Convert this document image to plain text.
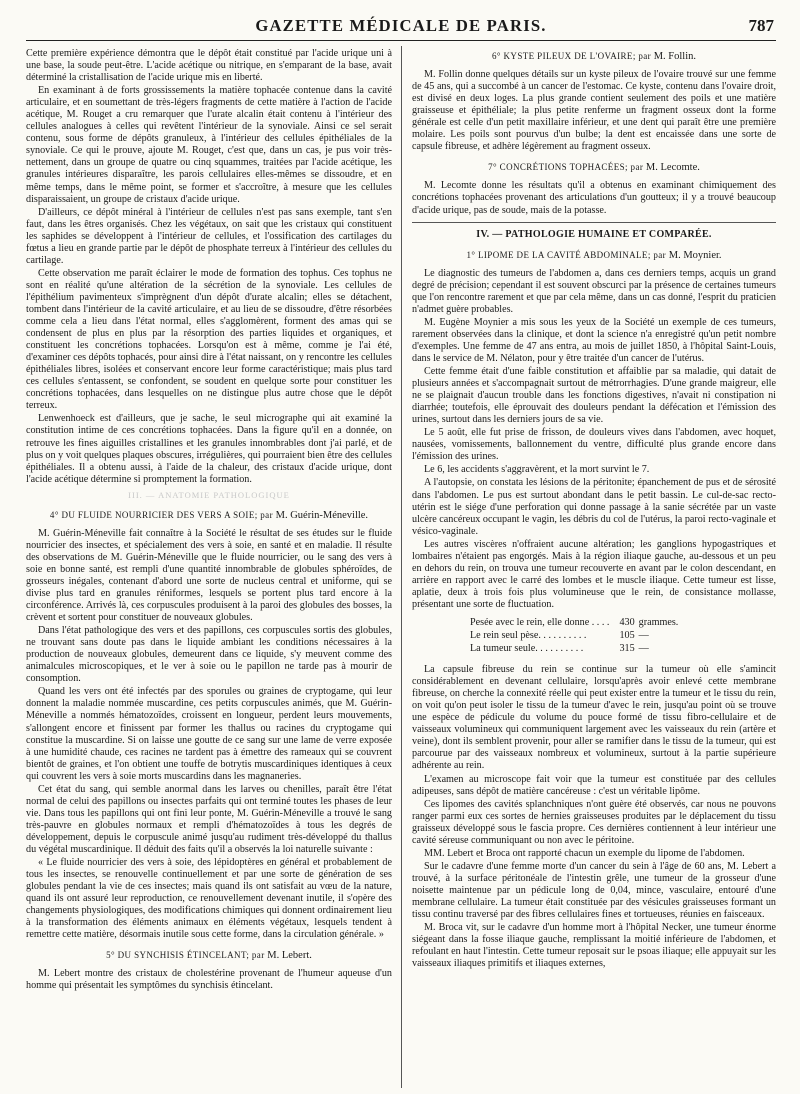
GAZETTE MÉDICALE DE PARIS.	787

Cette première expérience démontra que le dépôt était constitué par l'acide urique uni à une base, la soude peut-être. L'acide acétique ou nitrique, en s'emparant de la base, avait déterminé la cristallisation de l'acide urique mis en liberté.

En examinant à de forts grossissements la matière tophacée contenue dans la cavité articulaire, et en soumettant de très-légers fragments de cette matière à l'action de l'acide acétique, M. Rouget a cru remarquer que l'urate alcalin était contenu à l'intérieur des cellules analogues à celles qui revêtent l'intérieur de la synoviale. Ainsi ce sel serait contenu, sous forme de dépôts granuleux, à l'intérieur des cellules épithéliales de la synoviale. Ce qui le prouve, ajoute M. Rouget, c'est que, dans un cas, je pus voir très-nettement, dans un groupe de quatre ou cinq squammes, traitées par l'acide acétique, les granules intérieures disparaître, les parois cellulaires elles-mêmes se dissoudre, et en même temps, dans le même point, se former et s'accroître, à mesure que les cellules disparaissaient, un groupe de cristaux d'acide urique.

D'ailleurs, ce dépôt minéral à l'intérieur de cellules n'est pas sans exemple, tant s'en faut, dans les êtres organisés. Chez les végétaux, on sait que les cristaux qui constituent les saphides se développent à l'intérieur de cellules, et l'ossification des cartilages du fœtus a lieu en grande partie par le dépôt de phosphate terreux à l'intérieur des cellules du cartilage.

Cette observation me paraît éclairer le mode de formation des tophus. Ces tophus ne sont en réalité qu'une altération de la sécrétion de la synoviale. Les cellules de l'épithélium pavimenteux s'imprègnent d'un dépôt d'urate alcalin; elles se détachent, tombent dans l'intérieur de la cavité articulaire, et au lieu de se dissoudre, d'être résorbées comme cela a lieu dans l'état normal, elles s'agglomèrent, forment des amas qui se condensent de plus en plus par la résorption des parties liquides et organiques, et constituent les concrétions tophacées. Lorsqu'on est à même, comme je l'ai été, d'examiner ces dépôts tophacés, pour ainsi dire à l'état naissant, on y rencontre les cellules épithéliales libres, isolées et conservant encore leur forme caractéristique; mais plus tard ces cellules s'entassent, se confondent, se soudent en quelque sorte pour constituer les concrétions tophacées, dans lesquelles on ne distingue plus autre chose que le dépôt terreux.

Lenwenhoeck est d'ailleurs, que je sache, le seul micrographe qui ait examiné la constitution intime de ces concrétions tophacées. Dans la figure qu'il en a donnée, on retrouve les fines aiguilles cristallines et les granules innombrables dont j'ai parlé, et de plus on y voit quelques plaques obscures, irrégulières, qui pourraient bien être des cellules épithéliales. Il a obtenu aussi, à l'aide de la chaleur, des cristaux d'acide urique, dont l'acide acétique détermine si promptement la formation.

III. — ANATOMIE PATHOLOGIQUE
4° DU FLUIDE NOURRICIER DES VERS A SOIE; par M. Guérin-Méneville.

M. Guérin-Méneville fait connaître à la Société le résultat de ses études sur le fluide nourricier des insectes, et spécialement des vers à soie, en santé et en maladie. Il résulte des observations de M. Guérin-Méneville que le fluide nourricier, ou le sang des vers à soie en bonne santé, est rempli d'une quantité innombrable de globules sphéroïdes, de grosseurs inégales, contenant d'abord une sorte de nucleus central et uniforme, qui se divise plus tard en granules réniformes, lesquels se portent plus tard encore à la circonférence. Arrivés là, ces corpuscules produisent à la paroi des globules des bosses, la crèvent et sortent pour constituer de nouveaux globules.

Dans l'état pathologique des vers et des papillons, ces corpuscules sortis des globules, ne trouvant sans doute pas dans le liquide ambiant les conditions nécessaires à la production de nouveaux globules, demeurent dans ce liquide, s'y meuvent comme des animalcules microscopiques, et le ver à soie ou le papillon ne tarde pas à mourir de consomption.

Quand les vers ont été infectés par des sporules ou graines de cryptogame, qui leur donnent la maladie nommée muscardine, ces petits corpuscules animés, que M. Guérin-Méneville a nommés hématozoïdes, croissent en longueur, perdent leurs mouvements, s'allongent encore et finissent par former les thallus ou racines du cryptogame qui constitue la muscardine. Si on laisse une goutte de ce sang sur une lame de verre exposée à une humidité chaude, ces racines ne tardent pas à émettre des rameaux qui se couvrent bientôt de graines, et l'on obtient une touffe de botrytis muscardiniques identiques à ceux qui couvrent les vers à soie morts muscardins dans les magnaneries.

Cet état du sang, qui semble anormal dans les larves ou chenilles, paraît être l'état normal de celui des papillons ou insectes parfaits qui ont terminé toutes les phases de leur vie. Dans tous les papillons qui ont fini leur ponte, M. Guérin-Méneville a trouvé le sang très-pauvre en globules normaux et rempli d'hématozoïdes à tous les degrés de développement, depuis le corpuscule animé jusqu'au rudiment très-développé du thallus du végétal muscardinique. Il déduit des faits qu'il a observés la loi naturelle suivante :

« Le fluide nourricier des vers à soie, des lépidoptères en général et probablement de tous les insectes, se renouvelle continuellement et par une sorte de génération de ses globules pendant la vie de ces insectes; mais quand ils ont satisfait au vœu de la nature, quand ils ont assuré leur reproduction, ce renouvellement devenant inutile, il s'opère des changements physiologiques, des modifications chimiques qui donnent ordinairement lieu à la transformation des éléments animaux en éléments végétaux, lesquels tendent à remettre cette matière, désormais inutile sous cette forme, dans la circulation générale. »

5° DU SYNCHISIS ÉTINCELANT; par M. Lebert.

M. Lebert montre des cristaux de cholestérine provenant de l'humeur aqueuse d'un homme qui présentait les symptômes du synchisis étincelant.

6° KYSTE PILEUX DE L'OVAIRE; par M. Follin.

M. Follin donne quelques détails sur un kyste pileux de l'ovaire trouvé sur une femme de 45 ans, qui a succombé à un cancer de l'estomac. Ce kyste, contenu dans l'ovaire droit, est divisé en deux loges. La plus grande contient seulement des poils et une matière graisseuse et épithéliale; la plus petite renferme un fragment osseux dont la forme générale est celle d'un petit maxillaire inférieur, et une dent qui paraît être une première molaire. Les poils sont pourvus d'un bulbe; la dent est encaissée dans une sorte de capsule fibreuse, et adhère légèrement au fragment osseux.

7° CONCRÉTIONS TOPHACÉES; par M. Lecomte.

M. Lecomte donne les résultats qu'il a obtenus en examinant chimiquement des concrétions tophacées provenant des articulations d'un goutteux; il y a trouvé beaucoup d'acide urique, pas de soude, mais de la potasse.

IV. — PATHOLOGIE HUMAINE ET COMPARÉE.
1° LIPOME DE LA CAVITÉ ABDOMINALE; par M. Moynier.

Le diagnostic des tumeurs de l'abdomen a, dans ces derniers temps, acquis un grand degré de précision; cependant il est souvent obscurci par la présence de certaines tumeurs que l'on rencontre rarement et que par cela même, dans un cas donné, l'esprit du praticien n'admet guère probables.

M. Eugène Moynier a mis sous les yeux de la Société un exemple de ces tumeurs, rarement observées dans la clinique, et dont la science n'a enregistré qu'un petit nombre d'exemples. Une femme de 47 ans entra, au mois de juillet 1850, à l'hôpital Saint-Louis, dans le service de M. Nélaton, pour y être traitée d'un cancer de l'utérus.

Cette femme était d'une faible constitution et affaiblie par sa maladie, qui datait de plusieurs années et s'accompagnait surtout de métrorrhagies. D'une grande maigreur, elle ne se plaignait d'aucun trouble dans les fonctions digestives, n'avait ni constipation ni diarrhée; toutefois, elle éprouvait des douleurs pendant la défécation et l'émission des urines, surtout dans les derniers jours de sa vie.

Le 5 août, elle fut prise de frisson, de douleurs vives dans l'abdomen, avec hoquet, nausées, vomissements, ballonnement du ventre, difficulté plus grande encore dans l'émission des urines.

Le 6, les accidents s'aggravèrent, et la mort survint le 7.

A l'autopsie, on constata les lésions de la péritonite; épanchement de pus et de sérosité dans l'abdomen. Le pus est surtout abondant dans le petit bassin. Le cul-de-sac recto-utérin est le siége d'une perforation qui donne passage à la sanie sécrétée par un vaste ulcère cancéreux occupant le vagin, les débris du col de l'utérus, la paroi recto-vaginale et vésico-vaginale.

Les autres viscères n'offraient aucune altération; les ganglions hypogastriques et lombaires n'étaient pas engorgés. Mais à la région iliaque gauche, au-dessous et un peu en dehors du rein, on trouva une tumeur recouverte en avant par le colon descendant, en arrière en rapport avec le carré des lombes et le muscle iliaque. Cette tumeur est lisse, aplatie, deux à trois fois plus volumineuse que le rein, de consistance mollasse, présentant une sorte de fluctuation.

Pesée avec le rein, elle donne . . . .	430	grammes.
Le rein seul pèse. . . . . . . . . .	105	—
La tumeur seule. . . . . . . . . .	315	—

La capsule fibreuse du rein se continue sur la tumeur où elle s'amincit considérablement en devenant cellulaire, lorsqu'après avoir enlevé cette membrane fibreuse, on cherche la connexité réelle qui peut exister entre la tumeur et le tissu du rein, on voit qu'on peut isoler le tissu de la tumeur d'avec le rein, jusqu'au point où se trouve une espèce de pédicule du volume du pouce formé de tissu fibro-cellulaire et de vaisseaux volumineux qui communiquent largement avec les vaisseaux du rein (artère et veine), dont ils semblent provenir, pour aller se ramifier dans le tissu de la tumeur, qui est parcourue par des vaisseaux nombreux et volumineux, surtout à la partie supérieure adhérente au rein.

L'examen au microscope fait voir que la tumeur est constituée par des cellules adipeuses, sans dépôt de matière cancéreuse : c'est un véritable lipôme.

Ces lipomes des cavités splanchniques n'ont guère été observés, car nous ne pouvons ranger parmi eux ces sortes de hernies graisseuses produites par le déplacement du tissu graisseux développé sous le fascia propre. Ces dernières contiennent à leur intérieur une cavité séreuse communiquant ou non avec le péritoine.

MM. Lebert et Broca ont rapporté chacun un exemple du lipome de l'abdomen.

Sur le cadavre d'une femme morte d'un cancer du sein à l'âge de 60 ans, M. Lebert a trouvé, à la surface péritonéale de l'intestin grêle, une tumeur de la grosseur d'une noisette maintenue par un pédicule long de 0,04, mince, vasculaire, entouré d'une membrane cellulaire. La tumeur était constituée par des vésicules graisseuses formant un tissu continu traversé par des fibres cellulaires fines et tortueuses, réunies en faisceaux.

M. Broca vit, sur le cadavre d'un homme mort à l'hôpital Necker, une tumeur énorme siégeant dans la fosse iliaque gauche, remplissant la moitié inférieure de l'abdomen, et refoulant en haut l'intestin. Cette tumeur reposait sur le psoas iliaque; elle appuyait sur les vaisseaux iliaques primitifs et iliaques externes,
